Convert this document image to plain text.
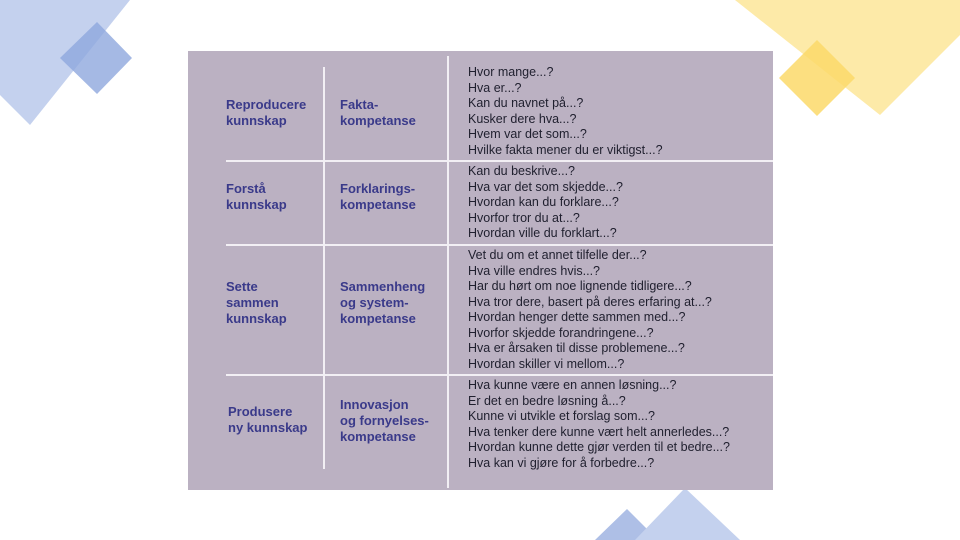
Reproducere
kunnskap
Fakta-
kompetanse
Hvor mange...?
Hva er...?
Kan du navnet på...?
Kusker dere hva...?
Hvem var det som...?
Hvilke fakta mener du er viktigst...?
Forstå
kunnskap
Forklarings-
kompetanse
Kan du beskrive...?
Hva var det som skjedde...?
Hvordan kan du forklare...?
Hvorfor tror du at...?
Hvordan ville du forklart...?
Sette
sammen
kunnskap
Sammenheng
og system-
kompetanse
Vet du om et annet tilfelle der...?
Hva ville endres hvis...?
Har du hørt om noe lignende tidligere...?
Hva tror dere, basert på deres erfaring at...?
Hvordan henger dette sammen med...?
Hvorfor skjedde forandringene...?
Hva er årsaken til disse problemene...?
Hvordan skiller vi mellom...?
Produsere
ny kunnskap
Innovasjon
og fornyelses-
kompetanse
Hva kunne være en annen løsning...?
Er det en bedre løsning å...?
Kunne vi utvikle et forslag som...?
Hva tenker dere kunne vært helt annerledes...?
Hvordan kunne dette gjør verden til et bedre...?
Hva kan vi gjøre for å forbedre...?
